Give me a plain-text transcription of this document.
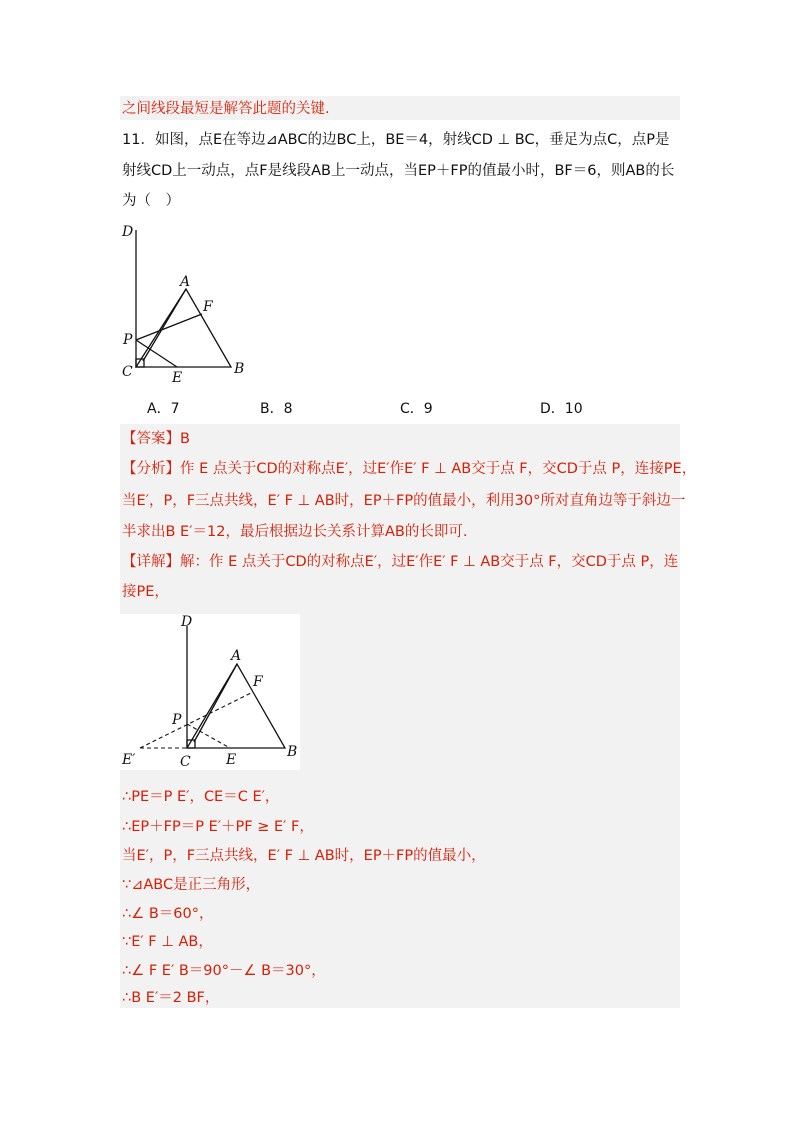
之间线段最短是解答此题的关键.
11．如图，点E在等边⊿ABC的边BC上，BE＝4，射线CD ⊥ BC，垂足为点C，点P是
射线CD上一动点，点F是线段AB上一动点，当EP＋FP的值最小时，BF＝6，则AB的长
为（　）
D
A
F
P
C	E
B
A．7	B．8	C．9	D．10
【答案】B
【分析】作 E 点关于CD的对称点E′，过E′作E′ F ⊥ AB交于点 F，交CD于点 P，连接PE，
当E′，P，F三点共线，E′ F ⊥ AB时，EP＋FP的值最小，利用30°所对直角边等于斜边一
半求出B E′＝12，最后根据边长关系计算AB的长即可.
【详解】解：作 E 点关于CD的对称点E′，过E′作E′ F ⊥ AB交于点 F，交CD于点 P，连
接PE，
D
A
F
P
E′	C	E	B
∴PE＝P E′，CE＝C E′，
∴EP＋FP＝P E′＋PF ≥ E′ F，
当E′，P，F三点共线，E′ F ⊥ AB时，EP＋FP的值最小，
∵⊿ABC是正三角形，
∴∠ B＝60°，
∵E′ F ⊥ AB，
∴∠ F E′ B＝90°－∠ B＝30°，
∴B E′＝2 BF，
